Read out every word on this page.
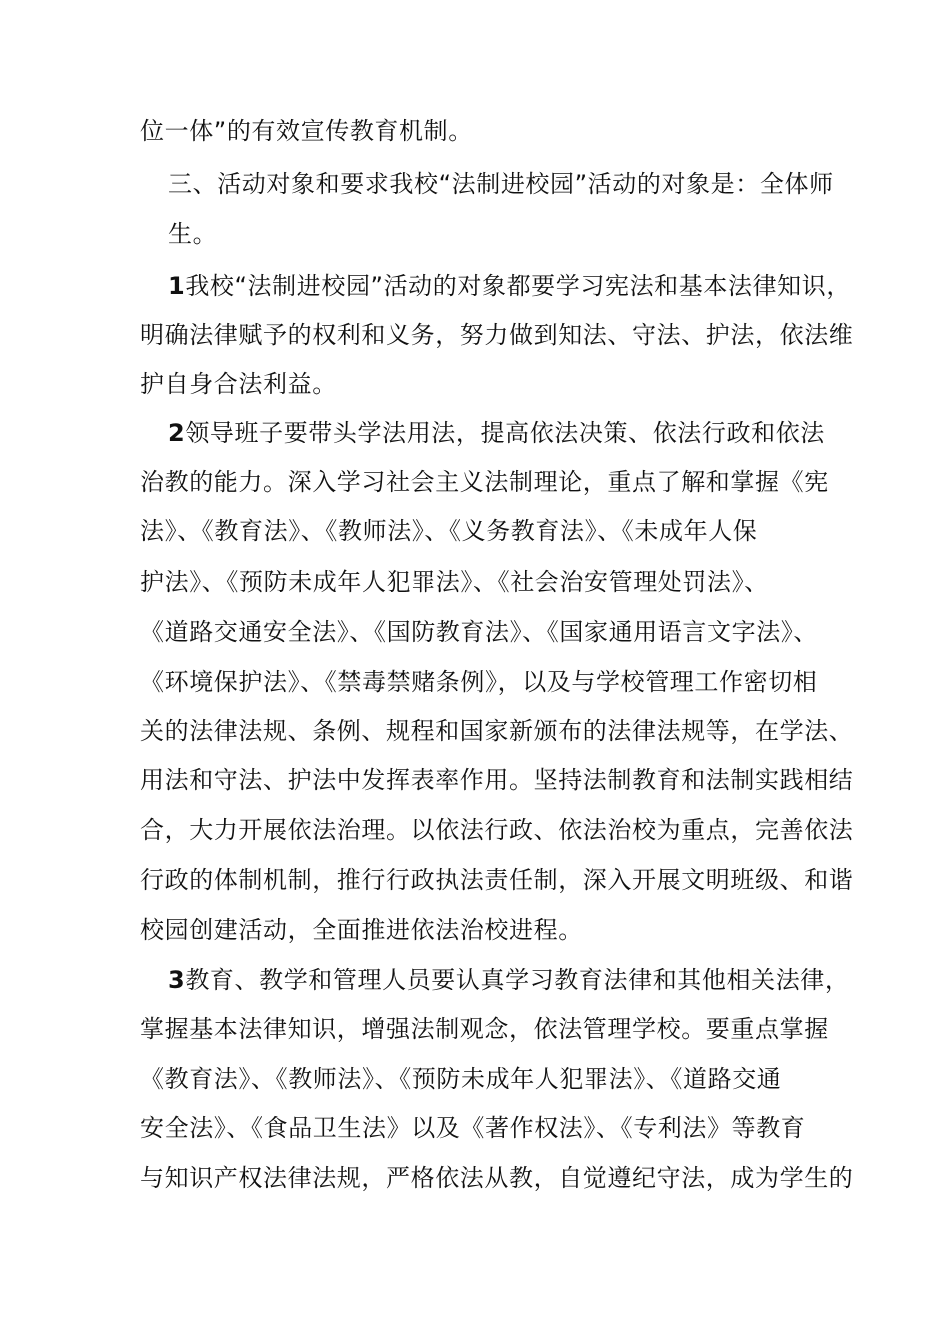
位一体”的有效宣传教育机制。
三、活动对象和要求我校“法制进校园”活动的对象是：全体师
生。
1我校“法制进校园”活动的对象都要学习宪法和基本法律知识，
明确法律赋予的权利和义务，努力做到知法、守法、护法，依法维
护自身合法利益。
2领导班子要带头学法用法，提高依法决策、依法行政和依法
治教的能力。深入学习社会主义法制理论，重点了解和掌握《宪
法》、《教育法》、《教师法》、《义务教育法》、《未成年人保
护法》、《预防未成年人犯罪法》、《社会治安管理处罚法》、
《道路交通安全法》、《国防教育法》、《国家通用语言文字法》、
《环境保护法》、《禁毒禁赌条例》，以及与学校管理工作密切相
关的法律法规、条例、规程和国家新颁布的法律法规等，在学法、
用法和守法、护法中发挥表率作用。坚持法制教育和法制实践相结
合，大力开展依法治理。以依法行政、依法治校为重点，完善依法
行政的体制机制，推行行政执法责任制，深入开展文明班级、和谐
校园创建活动，全面推进依法治校进程。
3教育、教学和管理人员要认真学习教育法律和其他相关法律，
掌握基本法律知识，增强法制观念，依法管理学校。要重点掌握
《教育法》、《教师法》、《预防未成年人犯罪法》、《道路交通
安全法》、《食品卫生法》以及《著作权法》、《专利法》等教育
与知识产权法律法规，严格依法从教，自觉遵纪守法，成为学生的
